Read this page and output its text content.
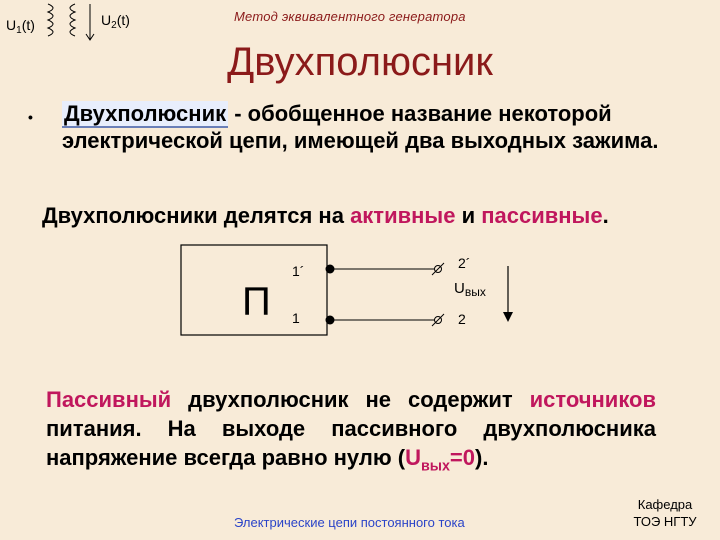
$U_1(t)$	$U_2(t)$	Метод эквивалентного генератора
Двухполюсник
• Двухполюсник - обобщенное название некоторой электрической цепи, имеющей два выходных зажима.
Двухполюсники делятся на активные и пассивные.
П
1´
1
2´
2
$U_{вых}$
Пассивный двухполюсник не содержит источников питания. На выходе пассивного двухполюсника напряжение всегда равно нулю $(U_{вых}=0)$.
Электрические цепи постоянного тока
Кафедра
ТОЭ НГТУ
